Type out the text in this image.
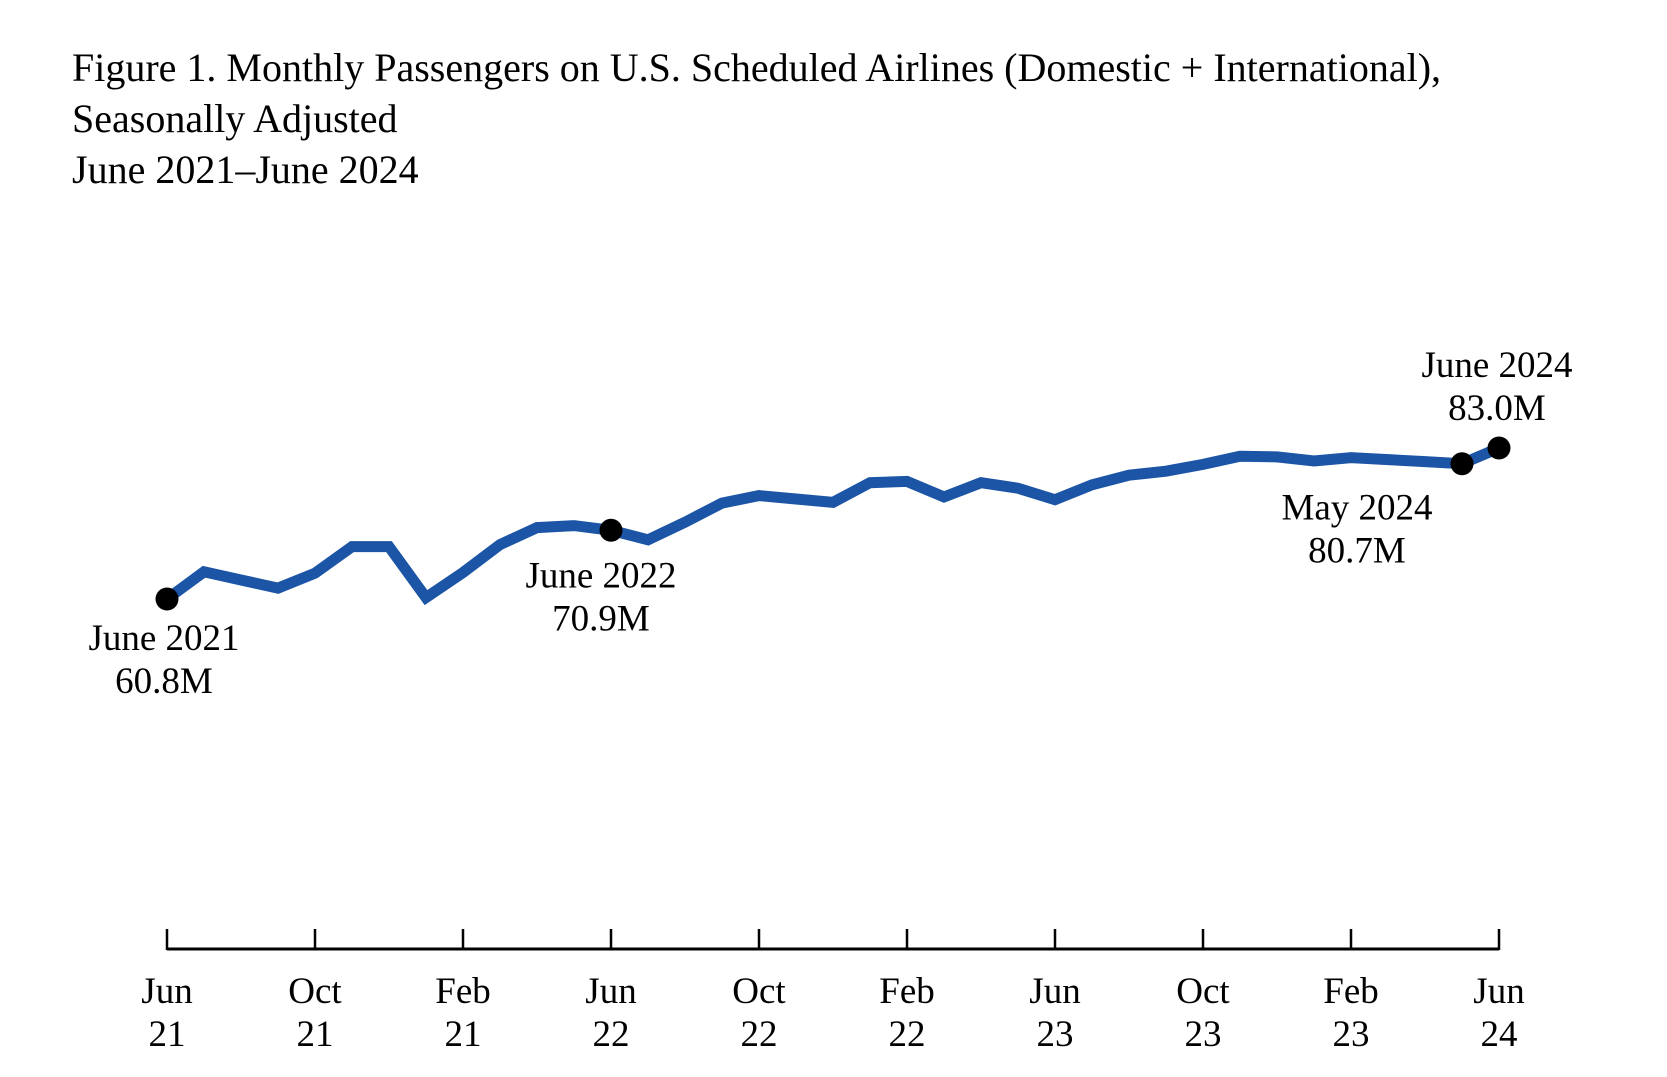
Figure 1. Monthly Passengers on U.S. Scheduled Airlines (Domestic + International),
Seasonally Adjusted
June 2021–June 2024
Jun
21
Oct
21
Feb
21
Jun
22
Oct
22
Feb
22
Jun
23
Oct
23
Feb
23
Jun
24
June 2021
60.8M
June 2022
70.9M
May 2024
80.7M
June 2024
83.0M
